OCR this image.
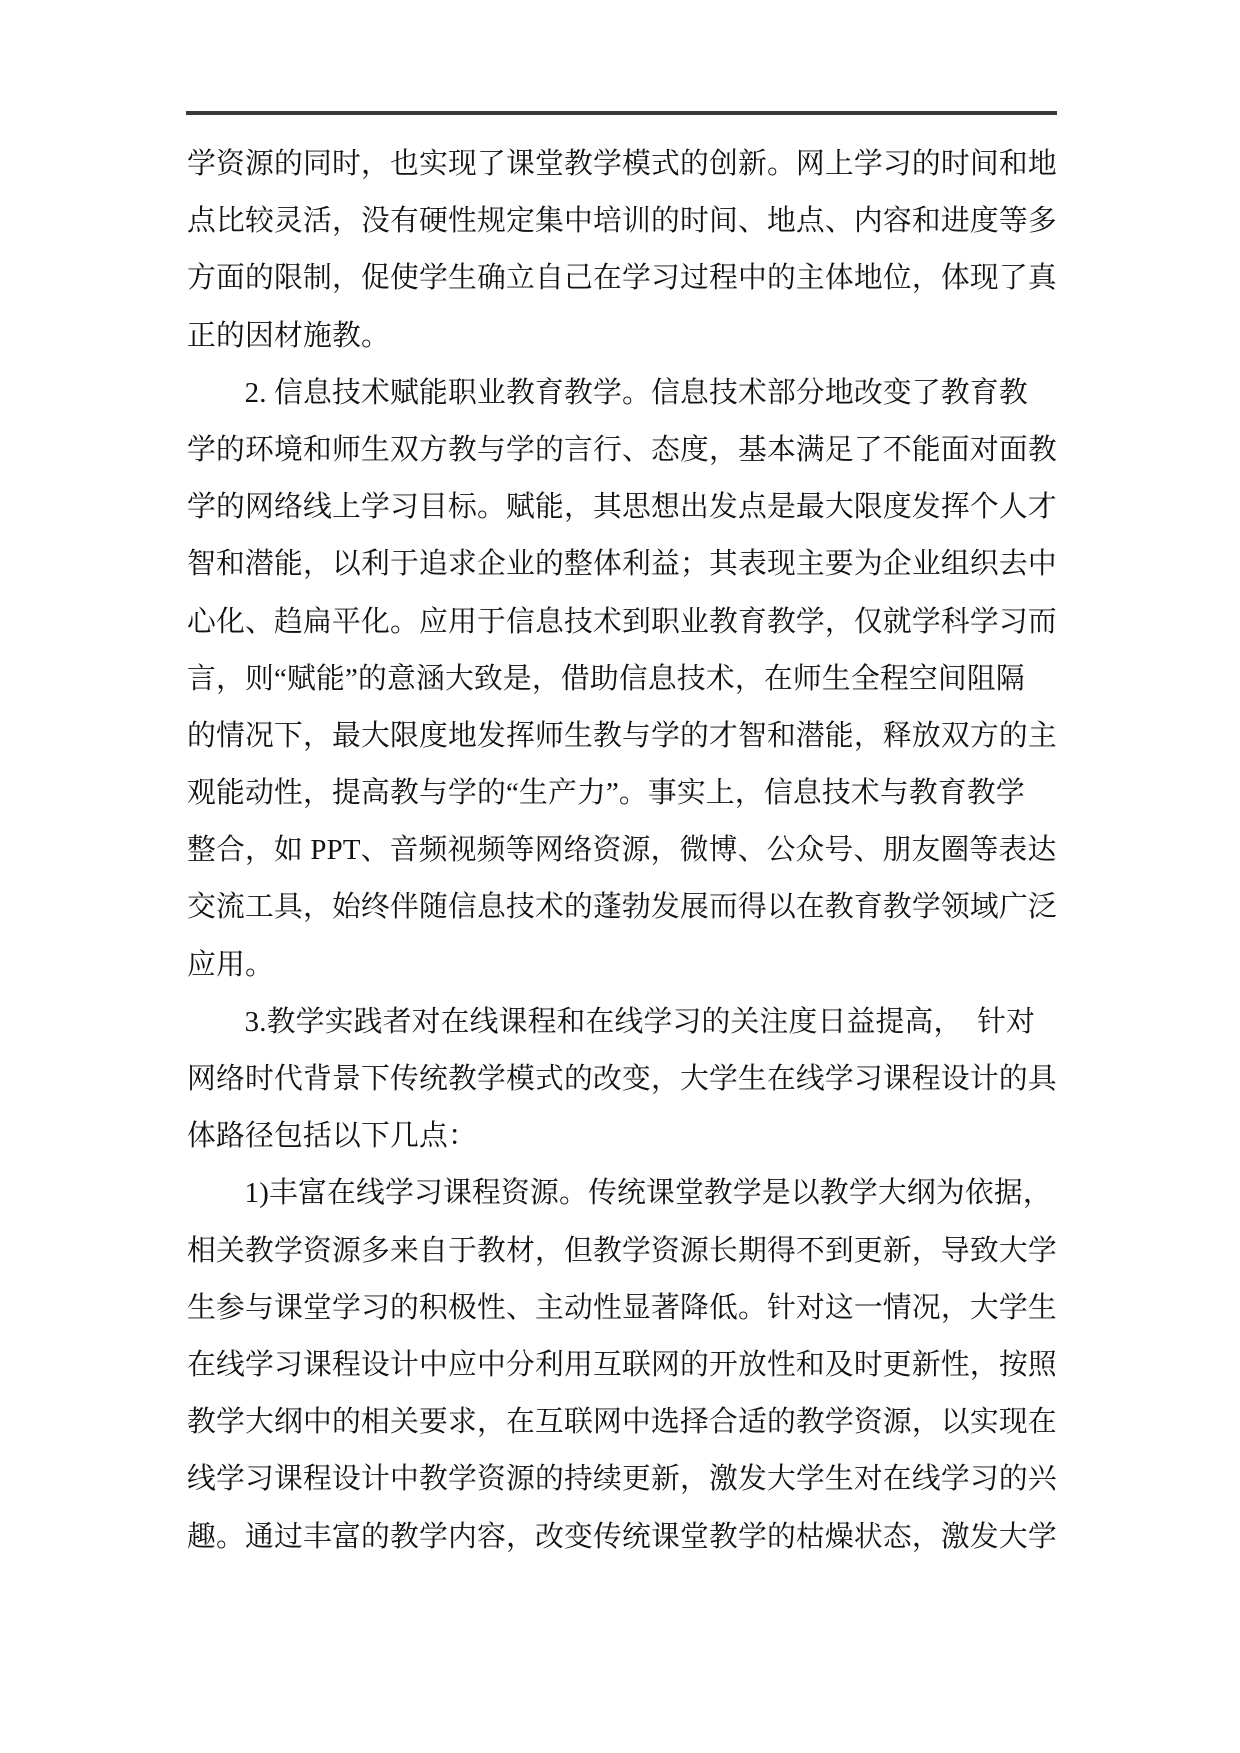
学资源的同时，也实现了课堂教学模式的创新。网上学习的时间和地
点比较灵活，没有硬性规定集中培训的时间、地点、内容和进度等多
方面的限制，促使学生确立自己在学习过程中的主体地位，体现了真
正的因材施教。
2. 信息技术赋能职业教育教学。信息技术部分地改变了教育教
学的环境和师生双方教与学的言行、态度，基本满足了不能面对面教
学的网络线上学习目标。赋能，其思想出发点是最大限度发挥个人才
智和潜能，以利于追求企业的整体利益；其表现主要为企业组织去中
心化、趋扁平化。应用于信息技术到职业教育教学，仅就学科学习而
言，则“赋能”的意涵大致是，借助信息技术，在师生全程空间阻隔
的情况下，最大限度地发挥师生教与学的才智和潜能，释放双方的主
观能动性，提高教与学的“生产力”。事实上，信息技术与教育教学
整合，如 PPT、音频视频等网络资源，微博、公众号、朋友圈等表达
交流工具，始终伴随信息技术的蓬勃发展而得以在教育教学领域广泛
应用。
3.教学实践者对在线课程和在线学习的关注度日益提高，　针对
网络时代背景下传统教学模式的改变，大学生在线学习课程设计的具
体路径包括以下几点：
1)丰富在线学习课程资源。传统课堂教学是以教学大纲为依据，
相关教学资源多来自于教材，但教学资源长期得不到更新，导致大学
生参与课堂学习的积极性、主动性显著降低。针对这一情况，大学生
在线学习课程设计中应中分利用互联网的开放性和及时更新性，按照
教学大纲中的相关要求，在互联网中选择合适的教学资源，以实现在
线学习课程设计中教学资源的持续更新，激发大学生对在线学习的兴
趣。通过丰富的教学内容，改变传统课堂教学的枯燥状态，激发大学
